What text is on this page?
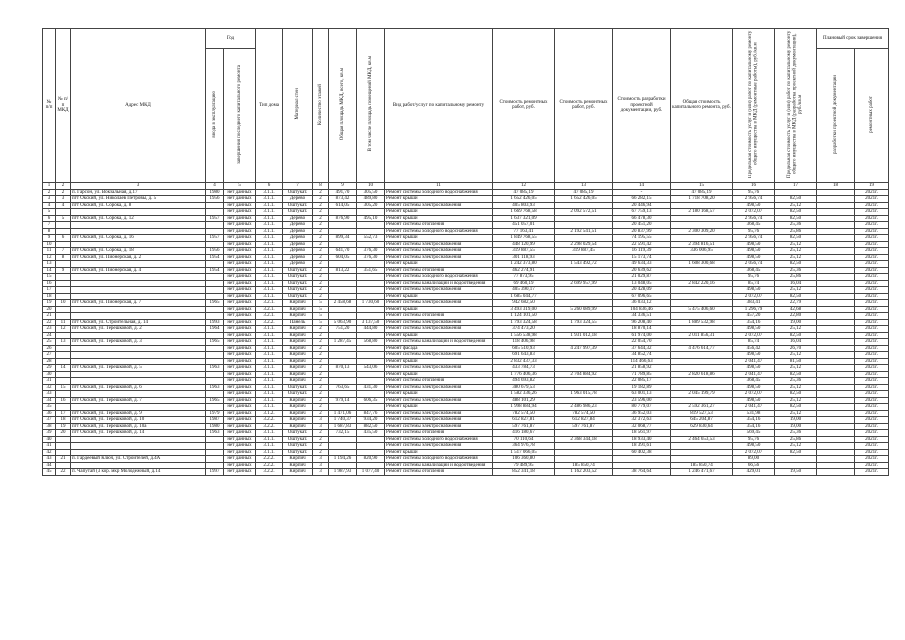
№ п/п	№ п/п МКД	Адрес МКД	Год		Тип дома	Материал стен	Количество этажей	Общая площадь МКД, всего, кв.м	В том числе площадь помещений МКД, кв.м	Вид работ/услуг по капитальному ремонту	Стоимость ремонтных работ, руб.	Стоимость ремонтных работ, руб.	Стоимость разработки проектной документации, руб.	Общая стоимость капитального ремонта, руб.	Предельная стоимость услуг и (или) работ по капитальному ремонту общего имущества в МКД (ремонтные работы), руб./кв.м	Предельная стоимость услуг и (или) работ по капитальному ремонту общего имущества в МКД (разработка проектной документации), руб./кв.м	Плановый срок завершения	
			ввода в эксплуатацию	завершения последнего капитального ремонта													разработки проектной документации	ремонтных работ
1	2	3	4	5	6	7	8	9	10	11	12	13	14	15	16	17	18	19
2	2	п. Гарсон, ул. Вокзальная, д.17	1980	нет данных	3.1.1.	Оштукат.	2	491,70	305,50	Ремонт системы холодного водоснабжения	47 085,19	47 085,19	-	47 085,19	95,76			2021г.
3	3	пгт Окский, ул. Николаев Петровы, д. 5	1956	нет данных	3.1.1.	Дерево	2	873,42	489,80	Ремонт крыши	1 652 426,05	1 652 426,05	66 282,15	1 718 708,20	2 956,74	82,50		2021г.
4	4	пгт Окский, ул. Сорока, д. 8		нет данных	3.1.1.	Оштукат.	2	614,05	305,20	Ремонт системы электроснабжения	405 803,93		20 446,94		498,50	25,12		2021г.
5				нет данных	3.1.1.	Оштукат.	2			Ремонт крыши	1 669 768,58	2 092 572,51	67 759,13	2 180 168,57	2 072,07	82,50		2021г.
6	5	пгт Окский, ул. Сорока, д. 12	1957	нет данных	3.1.1.	Дерево	2	876,90	495,10	Ремонт крыши	1 637 321,09		66 478,30		2 956,74	82,50		2021г.
7				нет данных	3.1.1.	Дерево	2			Ремонт системы отопления	451 057,01		20 451,20		368,45	25,36		2021г.
8				нет данных	3.1.1.	Дерево	2			Ремонт системы холодного водоснабжения	77 163,41	2 192 541,51	20 837,99	2 300 309,20	95,76	25,86		2021г.
9	6	пгт Окский, ул. Сорока, д. 16	1957	нет данных	3.1.1.	Дерево	2	899,34	552,73	Ремонт крыши	1 849 768,55		74 195,55		2 956,74	82,50		2021г.
10				нет данных	3.1.1.	Дерево	2			Ремонт системы электроснабжения	448 120,99	2 298 029,54	22 591,42	2 394 816,51	498,50	25,12		2021г.
11	7	пгт Окский, ул. Сорока, д. 18	1956	нет данных	3.1.1.	Дерево	2	641,70	376,30	Ремонт системы электроснабжения	319 887,55	319 887,45	16 119,39	336 006,95	498,50	25,12		2021г.
12	8	пгт Окский, ул. Пионерская, д. 2	1954	нет данных	3.1.1.	Дерево	2	604,05	376,30	Ремонт системы электроснабжения	301 118,93		15 173,74		498,50	25,12		2021г.
13				нет данных	3.1.1.	Дерево	2			Ремонт крыши	1 242 373,80	1 543 492,72	49 634,33	1 608 300,68	2 056,74	82,50		2021г.
14	9	пгт Окский, ул. Пионерская, д. 4	1954	нет данных	3.1.1.	Оштукат.	2	813,22	351,65	Ремонт системы отопления	462 274,91		20 639,62		368,45	25,36		2021г.
15				нет данных	3.1.1.	Оштукат.	2			Ремонт системы холодного водоснабжения	77 873,95		21 029,87		95,76	25,86		2021г.
16				нет данных	3.1.1.	Оштукат.	2			Ремонт системы канализации и водоотведения	69 460,19	2 699 957,99	13 048,05	2 842 220,16	85,74	16,04		2021г.
17				нет данных	3.1.1.	Оштукат.	2			Ремонт системы электроснабжения	405 390,17		20 428,09		498,50	25,12		2021г.
18				нет данных	3.1.1.	Оштукат.	2			Ремонт крыши	1 685 044,77		67 096,65		2 072,07	82,50		2021г.
19	10	пгт Окский, ул. Пионерская, д. 7	1965	нет данных	3.2.1.	Кирпич	5	2 458,68	1 730,60	Ремонт системы электроснабжения	942 682,50		36 033,12		383,41	22,79		2021г.
20				нет данных	3.2.1.	Кирпич	5			Ремонт крыши	3 493 319,00	5 260 089,99	104 836,46	5 475 406,60	1 296,79	42,68		2021г.
21				нет данных	3.2.1.	Кирпич	5			Ремонт системы отопления	1 124 101,50		34 336,51		457,20	22,80		2021г.
22	11	пгт Окский, ул. Строительная, д. 14	1993	нет данных	3.2.2.	Панель	5	5 063,90	3 137,50	Ремонт системы электроснабжения	1 793 324,58	1 793 324,55	96 208,40	1 889 532,98	354,16	19,00		2021г.
23	12	пгт Окский, ул. Терешковой, д. 2	1964	нет данных	3.1.1.	Кирпич	2	751,20	444,80	Ремонт системы электроснабжения	374 473,20		18 870,14		498,50	25,12		2021г.
24				нет данных	3.1.1.	Кирпич	2			Ремонт крыши	1 556 538,98	1 931 012,18	61 974,00	2 011 856,31	2 072,07	82,50		2021г.
25	13	пгт Окский, ул. Терешковой, д. 3	1965	нет данных	3.1.1.	Кирпич	2	1 287,45	568,80	Ремонт системы канализации и водоотведения	118 406,98		22 054,70		85,74	16,04		2021г.
26				нет данных	3.1.1.	Кирпич	2			Ремонт фасада	605 510,93	4 247 997,39	37 644,32	4 476 614,77	456,42	26,70		2021г.
27				нет данных	3.1.1.	Кирпич	2			Ремонт системы электроснабжения	691 643,83		34 852,74		498,50	25,12		2021г.
28				нет данных	3.1.1.	Кирпич	2			Ремонт крыши	2 832 437,33		114 466,63		2 041,47	81,50		2021г.
29	14	пгт Окский, ул. Терешковой, д. 5	1963	нет данных	3.1.1.	Кирпич	2	870,13	543,06	Ремонт системы электроснабжения	433 784,73		21 858,92		498,50	25,12		2021г.
30				нет данных	3.1.1.	Кирпич	2			Ремонт крыши	1 776 406,36	2 704 884,92	71 789,85	2 820 618,86	2 041,47	82,50		2021г.
31				нет данных	3.1.1.	Кирпич	2			Ремонт системы отопления	494 693,82		22 085,17		368,45	25,36		2021г.
32	15	пгт Окский, ул. Терешковой, д. 6	1963	нет данных	3.1.1.	Оштукат.	2	763,65	431,30	Ремонт системы электроснабжения	380 679,53		19 182,89		498,50	25,12		2021г.
33				нет данных	3.1.1.	Оштукат.	2			Ремонт крыши	1 582 336,26	1 963 015,78	63 001,13	2 045 199,79	2 072,07	82,50		2021г.
34	16	пгт Окский, ул. Терешковой, д. 7	1965	нет данных	3.1.1.	Кирпич	2	979,14	606,35	Ремонт системы электроснабжения	488 101,29		23 596,00		498,50	25,12		2021г.
35				нет данных	3.1.1.	Кирпич	2			Ремонт крыши	1 998 884,94	2 486 986,23	80 779,07	2 592 361,27	2 041,47	82,50		2021г.
36	17	пгт Окский, ул. Терешковой, д. 9	1979	нет данных	3.1.2.	Кирпич	2	1 471,06	847,76	Ремонт системы электроснабжения	782 574,50	782 574,50	36 952,03	819 527,53	531,98	25,12		2021г.
37	18	пгт Окский, ул. Терешковой, д. 10	1987	нет данных	3.2.2.	Кирпич	3	1 740,37	934,20	Ремонт системы электроснабжения	612 827,81	612 827,84	32 372,63	645 204,87	354,16	19,00		2021г.
38	19	пгт Окский, ул. Терешковой, д. 10а	1980	нет данных	3.2.2.	Кирпич	3	1 687,83	882,50	Ремонт системы электроснабжения	597 761,87	597 761,87	32 068,77	629 830,64	354,16	19,00		2021г.
39	20	пгт Окский, ул. Терешковой, д. 14	1963	нет данных	3.1.1.	Оштукат.	2	732,15	435,50	Ремонт системы отопления	416 180,67		18 561,97		569,45	25,36		2021г.
40				нет данных	3.1.1.	Оштукат.	2			Ремонт системы холодного водоснабжения	70 110,64	2 368 344,18	18 933,40	2 464 653,53	95,76	25,86		2021г.
41				нет данных	3.1.1.	Оштукат.	2			Ремонт системы электроснабжения	364 976,78		18 391,61		498,50	25,12		2021г.
42				нет данных	3.1.1.	Оштукат.	2			Ремонт крыши	1 517 066,05		60 402,38		2 072,07	82,50		2021г.
43	21	п. Гардеевый Ключ, ул. Строителей, д.4А		нет данных	2.2.2.	Кирпич	3	1 194,26	820,90	Ремонт системы холодного водоснабжения	106 360,80				89,00			2021г.
44				нет данных	2.2.2.	Кирпич	3			Ремонт системы канализации и водоотведения	79 489,95	185 850,74		185 850,74	66,56			2021г.
45	22	п. Чапутай (3 кор. мкр Молодежный, д.14	1997	нет данных	3.2.2.	Кирпич	3	1 987,93	1 077,40	Ремонт системы отопления	852 341,18	1 162 203,52	38 764,64	1 246 471,67	429,01	19,50		2021г.
